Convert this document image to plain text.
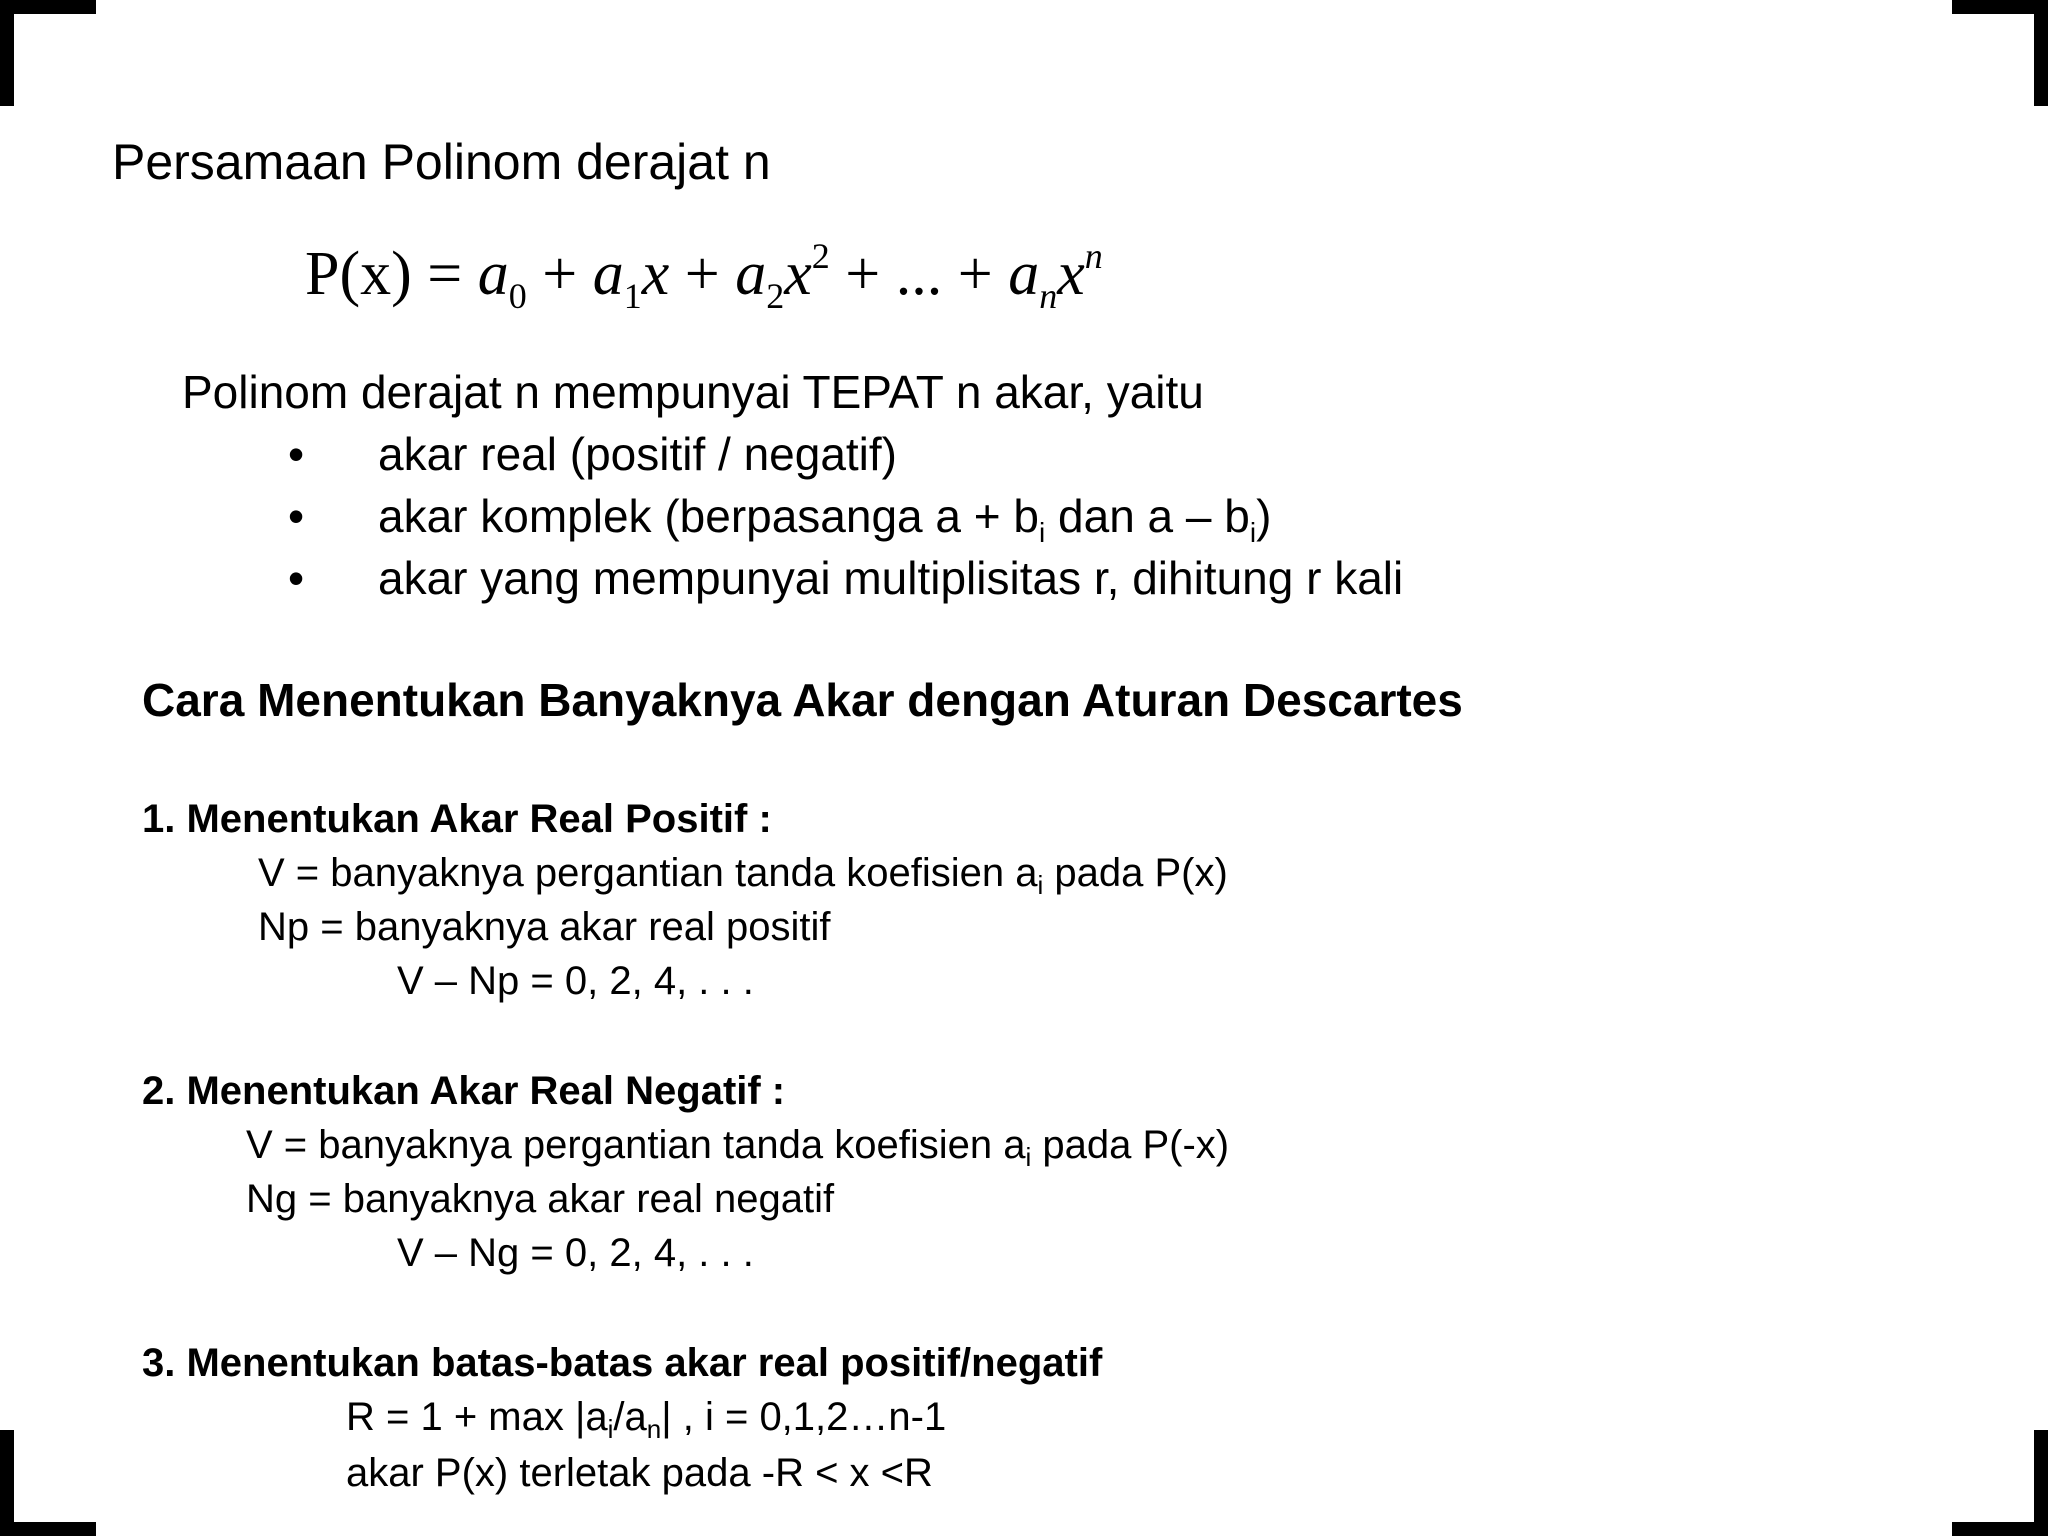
Persamaan Polinom derajat n
$P(x) = a_0 + a_1x + a_2x^2$ + ... + $a_nx^n$
Polinom derajat n mempunyai TEPAT n akar, yaitu
• akar real (positif / negatif)
• akar komplek (berpasanga $a + b_i$ dan a – $b_i$)
• akar yang mempunyai multiplisitas r, dihitung r kali
Cara Menentukan Banyaknya Akar dengan Aturan Descartes
1. Menentukan Akar Real Positif :
V = banyaknya pergantian tanda koefisien $a_i$ pada P(x)
Np = banyaknya akar real positif
V – Np = 0, 2, 4, . . .
2. Menentukan Akar Real Negatif :
V = banyaknya pergantian tanda koefisien $a_i$ pada P(-x)
Ng = banyaknya akar real negatif
V – Ng = 0, 2, 4, . . .
3. Menentukan batas-batas akar real positif/negatif
$R = 1 + \max |a_i/a_n|$ , i = 0,1,2…n-1
akar P(x) terletak pada -R < x <R
